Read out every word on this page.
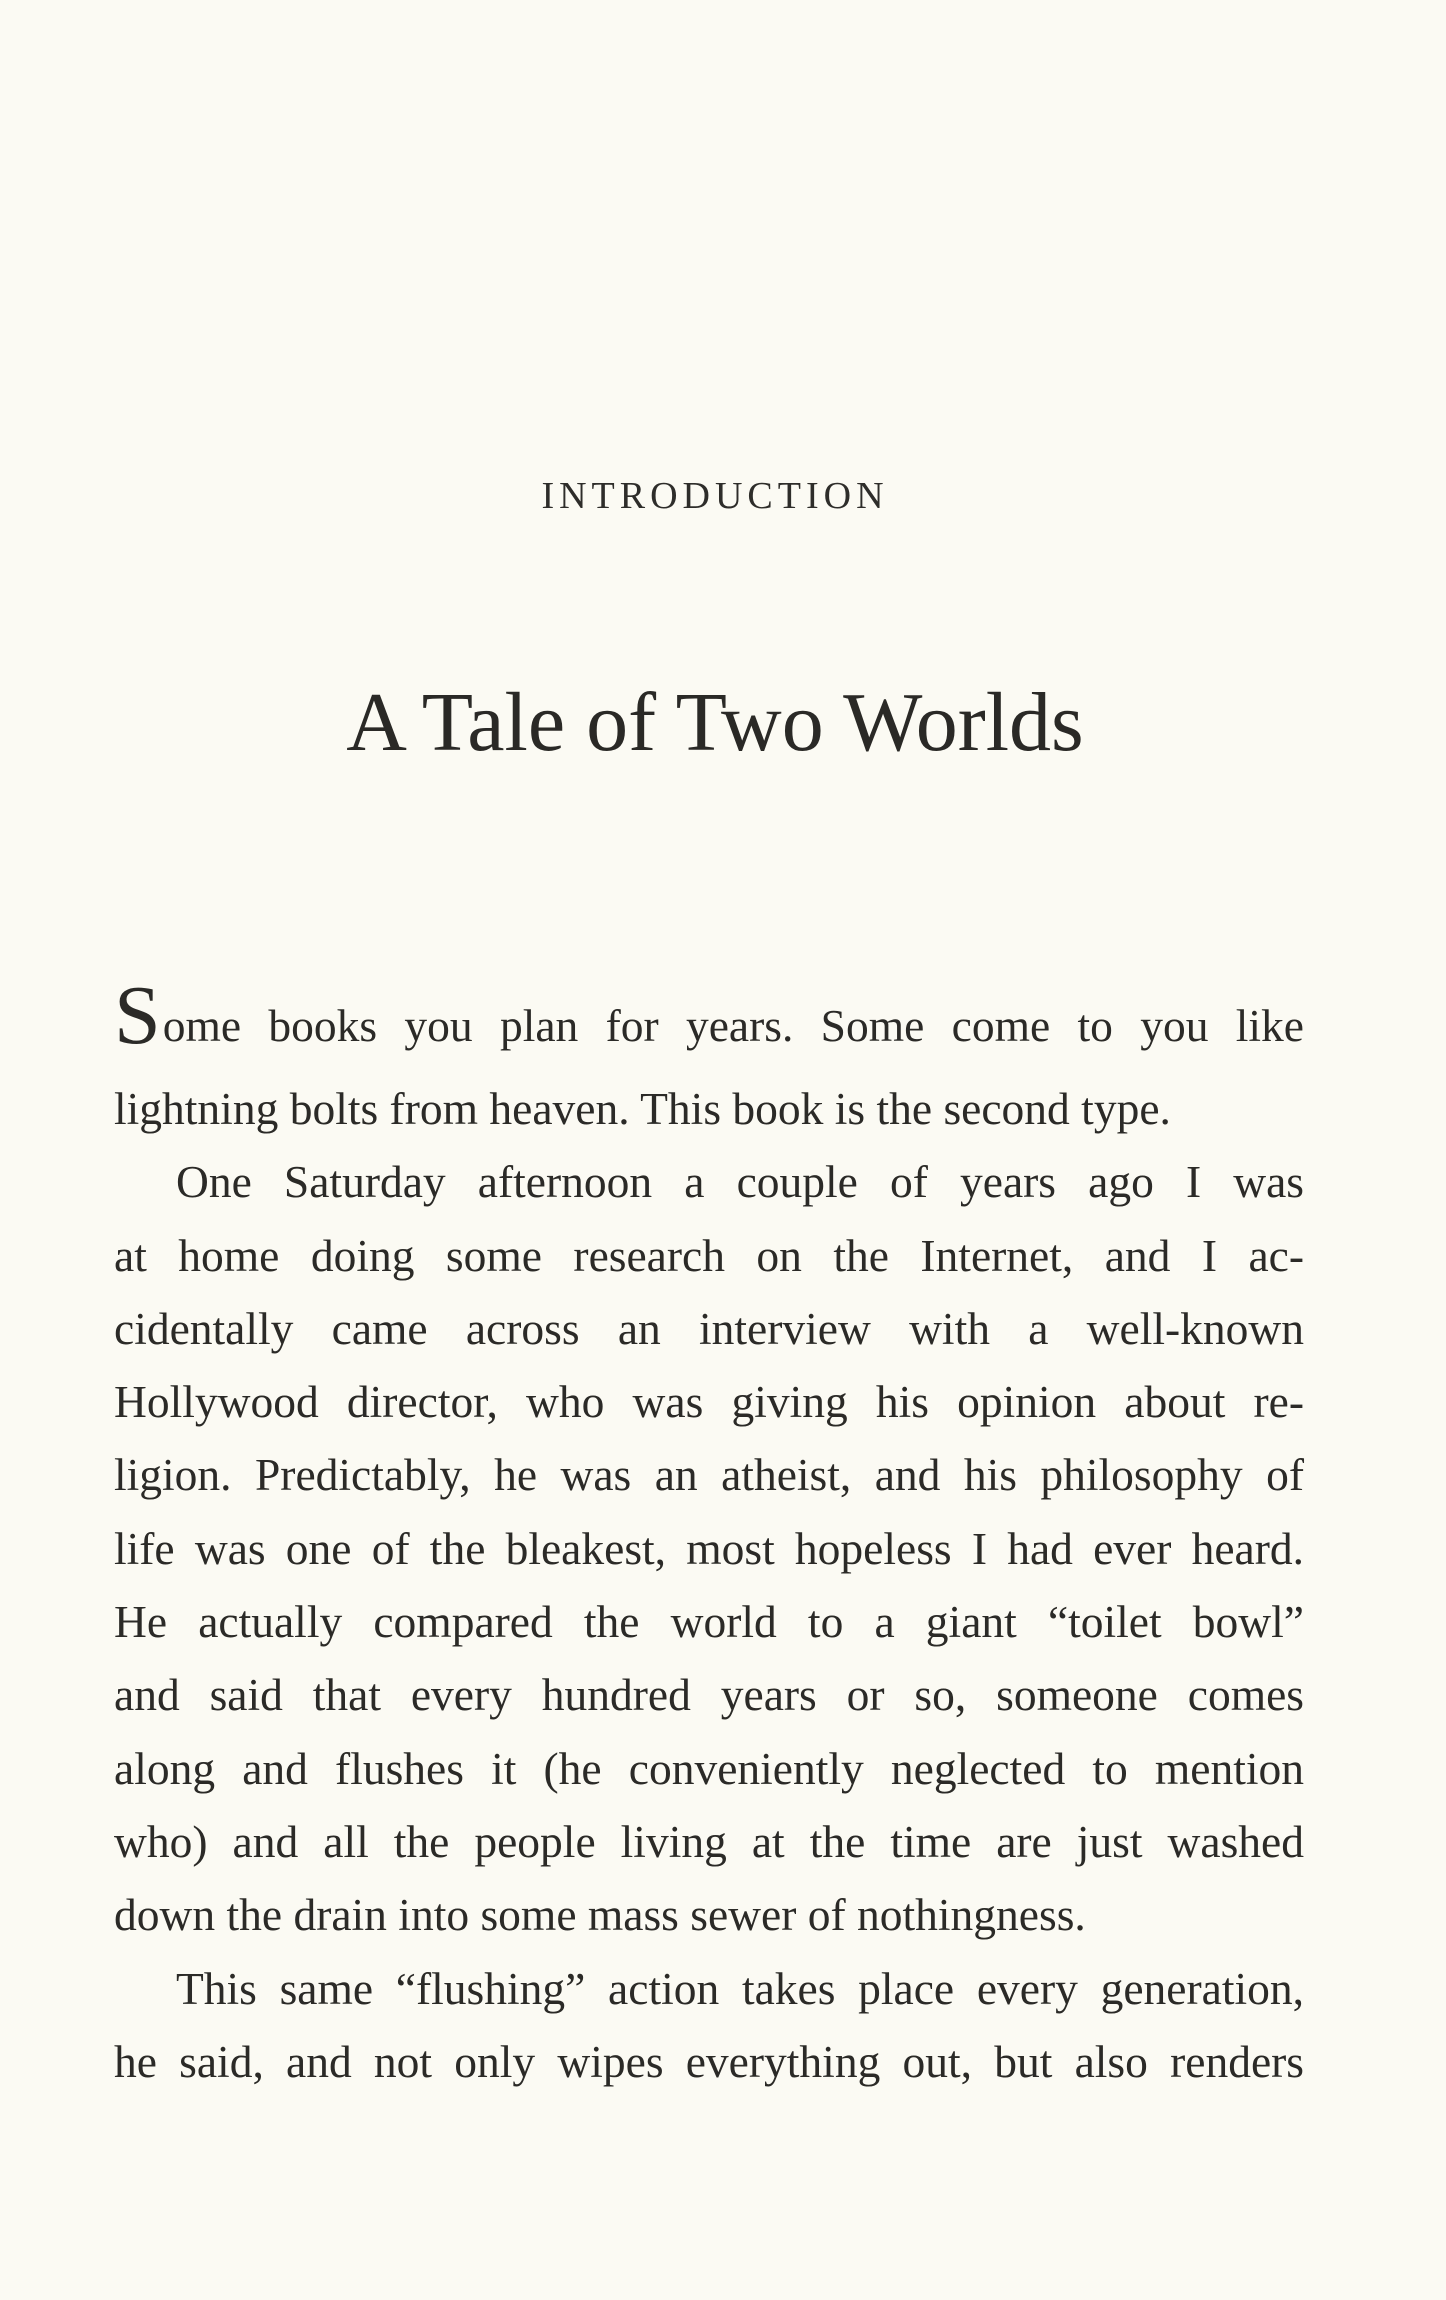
INTRODUCTION
A Tale of Two Worlds
Some books you plan for years. Some come to you like
lightning bolts from heaven. This book is the second type.
One Saturday afternoon a couple of years ago I was
at home doing some research on the Internet, and I ac-
cidentally came across an interview with a well-known
Hollywood director, who was giving his opinion about re-
ligion. Predictably, he was an atheist, and his philosophy of
life was one of the bleakest, most hopeless I had ever heard.
He actually compared the world to a giant “toilet bowl”
and said that every hundred years or so, someone comes
along and flushes it (he conveniently neglected to mention
who) and all the people living at the time are just washed
down the drain into some mass sewer of nothingness.
This same “flushing” action takes place every generation,
he said, and not only wipes everything out, but also renders
